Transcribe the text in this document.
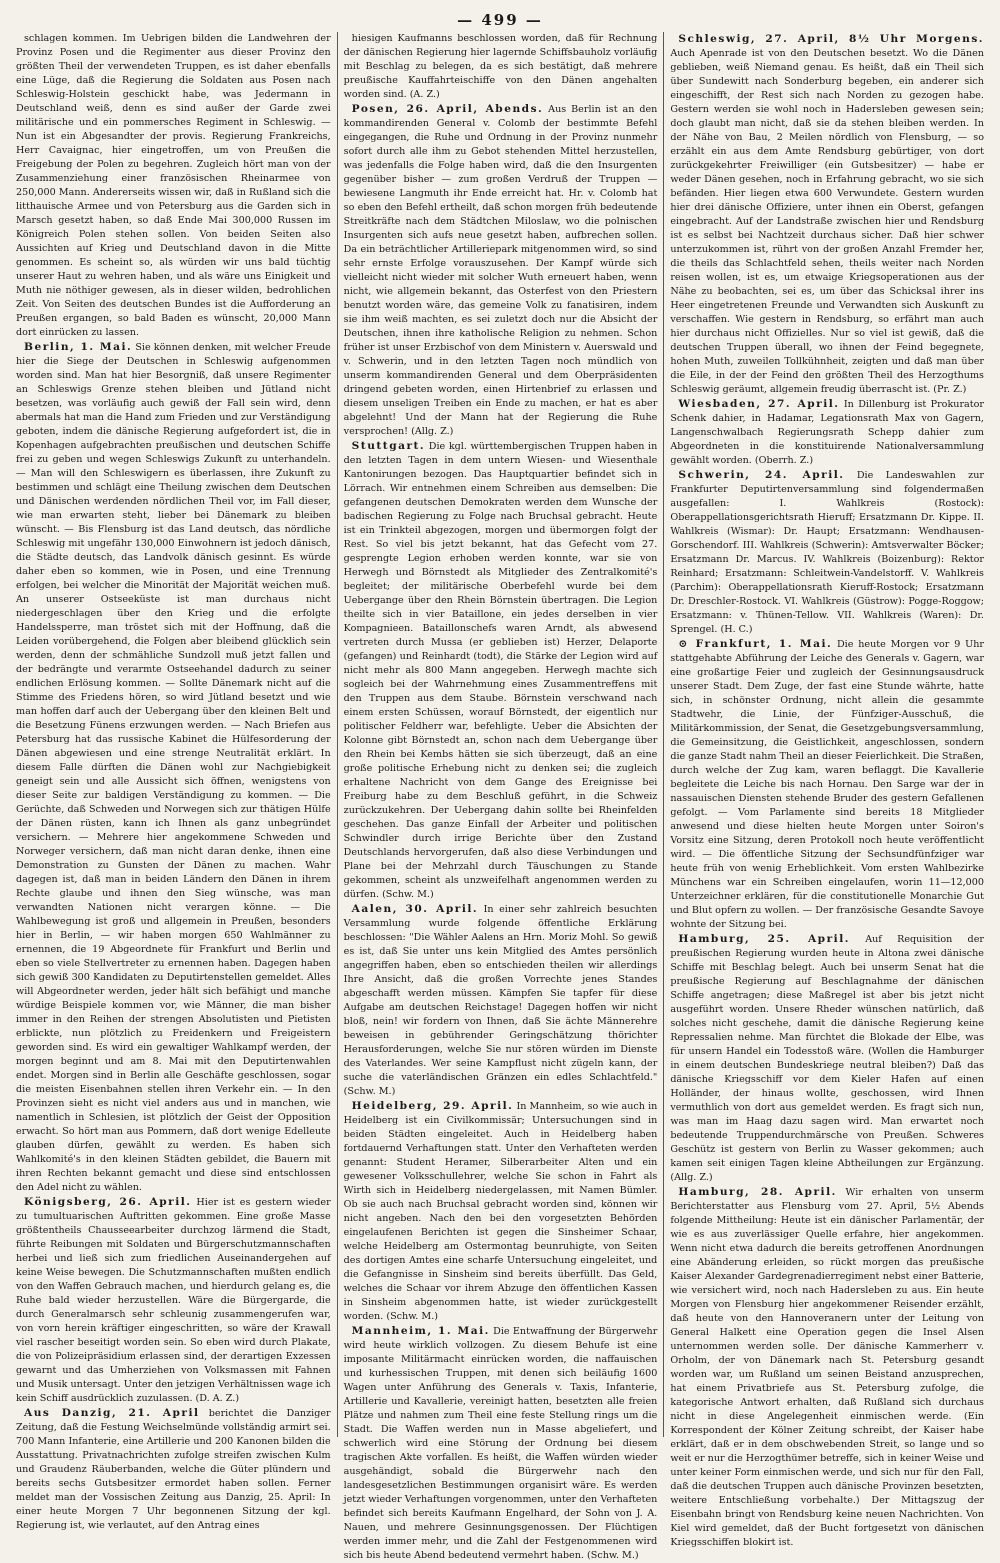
— 499 —

schlagen kommen. Im Uebrigen bilden die Landwehren der Provinz Posen und die Regimenter aus dieser Provinz den größten Theil der verwendeten Truppen, es ist daher ebenfalls eine Lüge, daß die Regierung die Soldaten aus Posen nach Schleswig-Holstein geschickt habe, was Jedermann in Deutschland weiß, denn es sind außer der Garde zwei militärische und ein pommersches Regiment in Schleswig. — Nun ist ein Abgesandter der provis. Regierung Frankreichs, Herr Cavaignac, hier eingetroffen, um von Preußen die Freigebung der Polen zu begehren. Zugleich hört man von der Zusammenziehung einer französischen Rheinarmee von 250,000 Mann. Andererseits wissen wir, daß in Rußland sich die litthauische Armee und von Petersburg aus die Garden sich in Marsch gesetzt haben, so daß Ende Mai 300,000 Russen im Königreich Polen stehen sollen. Von beiden Seiten also Aussichten auf Krieg und Deutschland davon in die Mitte genommen. Es scheint so, als würden wir uns bald tüchtig unserer Haut zu wehren haben, und als wäre uns Einigkeit und Muth nie nöthiger gewesen, als in dieser wilden, bedrohlichen Zeit. Von Seiten des deutschen Bundes ist die Aufforderung an Preußen ergangen, so bald Baden es wünscht, 20,000 Mann dort einrücken zu lassen.

Berlin, 1. Mai. Sie können denken, mit welcher Freude hier die Siege der Deutschen in Schleswig aufgenommen worden sind. Man hat hier Besorgniß, daß unsere Regimenter an Schleswigs Grenze stehen bleiben und Jütland nicht besetzen, was vorläufig auch gewiß der Fall sein wird, denn abermals hat man die Hand zum Frieden und zur Verständigung geboten, indem die dänische Regierung aufgefordert ist, die in Kopenhagen aufgebrachten preußischen und deutschen Schiffe frei zu geben und wegen Schleswigs Zukunft zu unterhandeln. — Man will den Schleswigern es überlassen, ihre Zukunft zu bestimmen und schlägt eine Theilung zwischen dem Deutschen und Dänischen werdenden nördlichen Theil vor, im Fall dieser, wie man erwarten steht, lieber bei Dänemark zu bleiben wünscht. — Bis Flensburg ist das Land deutsch, das nördliche Schleswig mit ungefähr 130,000 Einwohnern ist jedoch dänisch, die Städte deutsch, das Landvolk dänisch gesinnt. Es würde daher eben so kommen, wie in Posen, und eine Trennung erfolgen, bei welcher die Minorität der Majorität weichen muß. An unserer Ostseeküste ist man durchaus nicht niedergeschlagen über den Krieg und die erfolgte Handelssperre, man tröstet sich mit der Hoffnung, daß die Leiden vorübergehend, die Folgen aber bleibend glücklich sein werden, denn der schmähliche Sundzoll muß jetzt fallen und der bedrängte und verarmte Ostseehandel dadurch zu seiner endlichen Erlösung kommen. — Sollte Dänemark nicht auf die Stimme des Friedens hören, so wird Jütland besetzt und wie man hoffen darf auch der Uebergang über den kleinen Belt und die Besetzung Fünens erzwungen werden. — Nach Briefen aus Petersburg hat das russische Kabinet die Hülfesorderung der Dänen abgewiesen und eine strenge Neutralität erklärt. In diesem Falle dürften die Dänen wohl zur Nachgiebigkeit geneigt sein und alle Aussicht sich öffnen, wenigstens von dieser Seite zur baldigen Verständigung zu kommen. — Die Gerüchte, daß Schweden und Norwegen sich zur thätigen Hülfe der Dänen rüsten, kann ich Ihnen als ganz unbegründet versichern. — Mehrere hier angekommene Schweden und Norweger versichern, daß man nicht daran denke, ihnen eine Demonstration zu Gunsten der Dänen zu machen. Wahr dagegen ist, daß man in beiden Ländern den Dänen in ihrem Rechte glaube und ihnen den Sieg wünsche, was man verwandten Nationen nicht verargen könne. — Die Wahlbewegung ist groß und allgemein in Preußen, besonders hier in Berlin, — wir haben morgen 650 Wahlmänner zu ernennen, die 19 Abgeordnete für Frankfurt und Berlin und eben so viele Stellvertreter zu ernennen haben. Dagegen haben sich gewiß 300 Kandidaten zu Deputirtenstellen gemeldet. Alles will Abgeordneter werden, jeder hält sich befähigt und manche würdige Beispiele kommen vor, wie Männer, die man bisher immer in den Reihen der strengen Absolutisten und Pietisten erblickte, nun plötzlich zu Freidenkern und Freigeistern geworden sind. Es wird ein gewaltiger Wahlkampf werden, der morgen beginnt und am 8. Mai mit den Deputirtenwahlen endet. Morgen sind in Berlin alle Geschäfte geschlossen, sogar die meisten Eisenbahnen stellen ihren Verkehr ein. — In den Provinzen sieht es nicht viel anders aus und in manchen, wie namentlich in Schlesien, ist plötzlich der Geist der Opposition erwacht. So hört man aus Pommern, daß dort wenige Edelleute glauben dürfen, gewählt zu werden. Es haben sich Wahlkomité's in den kleinen Städten gebildet, die Bauern mit ihren Rechten bekannt gemacht und diese sind entschlossen den Adel nicht zu wählen.

Königsberg, 26. April. Hier ist es gestern wieder zu tumultuarischen Auftritten gekommen. Eine große Masse größtentheils Chausseearbeiter durchzog lärmend die Stadt, führte Reibungen mit Soldaten und Bürgerschutzmannschaften herbei und ließ sich zum friedlichen Auseinandergehen auf keine Weise bewegen. Die Schutzmannschaften mußten endlich von den Waffen Gebrauch machen, und hierdurch gelang es, die Ruhe bald wieder herzustellen. Wäre die Bürgergarde, die durch Generalmarsch sehr schleunig zusammengerufen war, von vorn herein kräftiger eingeschritten, so wäre der Krawall viel rascher beseitigt worden sein. So eben wird durch Plakate, die von Polizeipräsidium erlassen sind, der derartigen Exzessen gewarnt und das Umherziehen von Volksmassen mit Fahnen und Musik untersagt. Unter den jetzigen Verhältnissen wage ich kein Schiff ausdrücklich zuzulassen. (D. A. Z.)

Aus Danzig, 21. April berichtet die Danziger Zeitung, daß die Festung Weichselmünde vollständig armirt sei. 700 Mann Infanterie, eine Artillerie und 200 Kanonen bilden die Ausstattung. Privatnachrichten zufolge streifen zwischen Kulm und Graudenz Räuberbanden, welche die Güter plündern und bereits sechs Gutsbesitzer ermordet haben sollen. Ferner meldet man der Vossischen Zeitung aus Danzig, 25. April: In einer heute Morgen 7 Uhr begonnenen Sitzung der kgl. Regierung ist, wie verlautet, auf den Antrag eines

hiesigen Kaufmanns beschlossen worden, daß für Rechnung der dänischen Regierung hier lagernde Schiffsbauholz vorläufig mit Beschlag zu belegen, da es sich bestätigt, daß mehrere preußische Kauffahrteischiffe von den Dänen angehalten worden sind. (A. Z.)

Posen, 26. April, Abends. Aus Berlin ist an den kommandirenden General v. Colomb der bestimmte Befehl eingegangen, die Ruhe und Ordnung in der Provinz nunmehr sofort durch alle ihm zu Gebot stehenden Mittel herzustellen, was jedenfalls die Folge haben wird, daß die den Insurgenten gegenüber bisher — zum großen Verdruß der Truppen — bewiesene Langmuth ihr Ende erreicht hat. Hr. v. Colomb hat so eben den Befehl ertheilt, daß schon morgen früh bedeutende Streitkräfte nach dem Städtchen Miloslaw, wo die polnischen Insurgenten sich aufs neue gesetzt haben, aufbrechen sollen. Da ein beträchtlicher Artilleriepark mitgenommen wird, so sind sehr ernste Erfolge vorauszusehen. Der Kampf würde sich vielleicht nicht wieder mit solcher Wuth erneuert haben, wenn nicht, wie allgemein bekannt, das Osterfest von den Priestern benutzt worden wäre, das gemeine Volk zu fanatisiren, indem sie ihm weiß machten, es sei zuletzt doch nur die Absicht der Deutschen, ihnen ihre katholische Religion zu nehmen. Schon früher ist unser Erzbischof von dem Ministern v. Auerswald und v. Schwerin, und in den letzten Tagen noch mündlich von unserm kommandirenden General und dem Oberpräsidenten dringend gebeten worden, einen Hirtenbrief zu erlassen und diesem unseligen Treiben ein Ende zu machen, er hat es aber abgelehnt! Und der Mann hat der Regierung die Ruhe versprochen! (Allg. Z.)

Stuttgart. Die kgl. württembergischen Truppen haben in den letzten Tagen in dem untern Wiesen- und Wiesenthale Kantonirungen bezogen. Das Hauptquartier befindet sich in Lörrach. Wir entnehmen einem Schreiben aus demselben: Die gefangenen deutschen Demokraten werden dem Wunsche der badischen Regierung zu Folge nach Bruchsal gebracht. Heute ist ein Trinkteil abgezogen, morgen und übermorgen folgt der Rest. So viel bis jetzt bekannt, hat das Gefecht vom 27. gesprengte Legion erhoben werden konnte, war sie von Herwegh und Börnstedt als Mitglieder des Zentralkomité's begleitet; der militärische Oberbefehl wurde bei dem Uebergange über den Rhein Börnstein übertragen. Die Legion theilte sich in vier Bataillone, ein jedes derselben in vier Kompagnieen. Bataillonschefs waren Arndt, als abwesend vertreten durch Mussa (er geblieben ist) Herzer, Delaporte (gefangen) und Reinhardt (todt), die Stärke der Legion wird auf nicht mehr als 800 Mann angegeben. Herwegh machte sich sogleich bei der Wahrnehmung eines Zusammentreffens mit den Truppen aus dem Staube. Börnstein verschwand nach einem ersten Schüssen, worauf Börnstedt, der eigentlich nur politischer Feldherr war, befehligte. Ueber die Absichten der Kolonne gibt Börnstedt an, schon nach dem Uebergange über den Rhein bei Kembs hätten sie sich überzeugt, daß an eine große politische Erhebung nicht zu denken sei; die zugleich erhaltene Nachricht von dem Gange des Ereignisse bei Freiburg habe zu dem Beschluß geführt, in die Schweiz zurückzukehren. Der Uebergang dahin sollte bei Rheinfelden geschehen. Das ganze Einfall der Arbeiter und politischen Schwindler durch irrige Berichte über den Zustand Deutschlands hervorgerufen, daß also diese Verbindungen und Plane bei der Mehrzahl durch Täuschungen zu Stande gekommen, scheint als unzweifelhaft angenommen werden zu dürfen. (Schw. M.)

Aalen, 30. April. In einer sehr zahlreich besuchten Versammlung wurde folgende öffentliche Erklärung beschlossen: "Die Wähler Aalens an Hrn. Moriz Mohl. So gewiß es ist, daß Sie unter uns kein Mitglied des Amtes persönlich angegriffen haben, eben so entschieden theilen wir allerdings Ihre Ansicht, daß die großen Vorrechte jenes Standes abgeschafft werden müssen. Kämpfen Sie tapfer für diese Aufgabe am deutschen Reichstage! Dagegen hoffen wir nicht bloß, nein! wir fordern von Ihnen, daß Sie ächte Männerehre beweisen in gebührender Geringschätzung thörichter Herausforderungen, welche Sie nur stören würden im Dienste des Vaterlandes. Wer seine Kampflust nicht zügeln kann, der suche die vaterländischen Gränzen ein edles Schlachtfeld." (Schw. M.)

Heidelberg, 29. April. In Mannheim, so wie auch in Heidelberg ist ein Civilkommissär; Untersuchungen sind in beiden Städten eingeleitet. Auch in Heidelberg haben fortdauernd Verhaftungen statt. Unter den Verhafteten werden genannt: Student Heramer, Silberarbeiter Alten und ein gewesener Volksschullehrer, welche Sie schon in Fahrt als Wirth sich in Heidelberg niedergelassen, mit Namen Bümler. Ob sie auch nach Bruchsal gebracht worden sind, können wir nicht angeben. Nach den bei den vorgesetzten Behörden eingelaufenen Berichten ist gegen die Sinsheimer Schaar, welche Heidelberg am Ostermontag beunruhigte, von Seiten des dortigen Amtes eine scharfe Untersuchung eingeleitet, und die Gefangnisse in Sinsheim sind bereits überfüllt. Das Geld, welches die Schaar vor ihrem Abzuge den öffentlichen Kassen in Sinsheim abgenommen hatte, ist wieder zurückgestellt worden. (Schw. M.)

Mannheim, 1. Mai. Die Entwaffnung der Bürgerwehr wird heute wirklich vollzogen. Zu diesem Behufe ist eine imposante Militärmacht einrücken worden, die naffauischen und kurhessischen Truppen, mit denen sich beiläufig 1600 Wagen unter Anführung des Generals v. Taxis, Infanterie, Artillerie und Kavallerie, vereinigt hatten, besetzten alle freien Plätze und nahmen zum Theil eine feste Stellung rings um die Stadt. Die Waffen werden nun in Masse abgeliefert, und schwerlich wird eine Störung der Ordnung bei diesem tragischen Akte vorfallen. Es heißt, die Waffen würden wieder ausgehändigt, sobald die Bürgerwehr nach den landesgesetzlichen Bestimmungen organisirt wäre. Es werden jetzt wieder Verhaftungen vorgenommen, unter den Verhafteten befindet sich bereits Kaufmann Engelhard, der Sohn von J. A. Nauen, und mehrere Gesinnungsgenossen. Der Flüchtigen werden immer mehr, und die Zahl der Festgenommenen wird sich bis heute Abend bedeutend vermehrt haben. (Schw. M.)

Schleswig, 27. April, 8½ Uhr Morgens. Auch Apenrade ist von den Deutschen besetzt. Wo die Dänen geblieben, weiß Niemand genau. Es heißt, daß ein Theil sich über Sundewitt nach Sonderburg begeben, ein anderer sich eingeschifft, der Rest sich nach Norden zu gezogen habe. Gestern werden sie wohl noch in Hadersleben gewesen sein; doch glaubt man nicht, daß sie da stehen bleiben werden. In der Nähe von Bau, 2 Meilen nördlich von Flensburg, — so erzählt ein aus dem Amte Rendsburg gebürtiger, von dort zurückgekehrter Freiwilliger (ein Gutsbesitzer) — habe er weder Dänen gesehen, noch in Erfahrung gebracht, wo sie sich befänden. Hier liegen etwa 600 Verwundete. Gestern wurden hier drei dänische Offiziere, unter ihnen ein Oberst, gefangen eingebracht. Auf der Landstraße zwischen hier und Rendsburg ist es selbst bei Nachtzeit durchaus sicher. Daß hier schwer unterzukommen ist, rührt von der großen Anzahl Fremder her, die theils das Schlachtfeld sehen, theils weiter nach Norden reisen wollen, ist es, um etwaige Kriegsoperationen aus der Nähe zu beobachten, sei es, um über das Schicksal ihrer ins Heer eingetretenen Freunde und Verwandten sich Auskunft zu verschaffen. Wie gestern in Rendsburg, so erfährt man auch hier durchaus nicht Offizielles. Nur so viel ist gewiß, daß die deutschen Truppen überall, wo ihnen der Feind begegnete, hohen Muth, zuweilen Tollkühnheit, zeigten und daß man über die Eile, in der der Feind den größten Theil des Herzogthums Schleswig geräumt, allgemein freudig überrascht ist. (Pr. Z.)

Wiesbaden, 27. April. In Dillenburg ist Prokurator Schenk dahier, in Hadamar, Legationsrath Max von Gagern, Langenschwalbach Regierungsrath Schepp dahier zum Abgeordneten in die konstituirende Nationalversammlung gewählt worden. (Oberrh. Z.)

Schwerin, 24. April. Die Landeswahlen zur Frankfurter Deputirtenversammlung sind folgendermaßen ausgefallen: I. Wahlkreis (Rostock): Oberappellationsgerichtsrath Hieruff; Ersatzmann Dr. Kippe. II. Wahlkreis (Wismar): Dr. Haupt; Ersatzmann: Wendhausen-Gorschendorf. III. Wahlkreis (Schwerin): Amtsverwalter Böcker; Ersatzmann Dr. Marcus. IV. Wahlkreis (Boizenburg): Rektor Reinhard; Ersatzmann: Schleitwein-Vandelstorff. V. Wahlkreis (Parchim): Oberappellationsrath Kieruff-Rostock; Ersatzmann Dr. Dreschler-Rostock. VI. Wahlkreis (Güstrow): Pogge-Roggow; Ersatzmann: v. Thünen-Tellow. VII. Wahlkreis (Waren): Dr. Sprengel. (H. C.)

⊙ Frankfurt, 1. Mai. Die heute Morgen vor 9 Uhr stattgehabte Abführung der Leiche des Generals v. Gagern, war eine großartige Feier und zugleich der Gesinnungsausdruck unserer Stadt. Dem Zuge, der fast eine Stunde währte, hatte sich, in schönster Ordnung, nicht allein die gesammte Stadtwehr, die Linie, der Fünfziger-Ausschuß, die Militärkommission, der Senat, die Gesetzgebungsversammlung, die Gemeinsitzung, die Geistlichkeit, angeschlossen, sondern die ganze Stadt nahm Theil an dieser Feierlichkeit. Die Straßen, durch welche der Zug kam, waren beflaggt. Die Kavallerie begleitete die Leiche bis nach Hornau. Den Sarge war der in nassauischen Diensten stehende Bruder des gestern Gefallenen gefolgt. — Vom Parlamente sind bereits 18 Mitglieder anwesend und diese hielten heute Morgen unter Soiron's Vorsitz eine Sitzung, deren Protokoll noch heute veröffentlicht wird. — Die öffentliche Sitzung der Sechsundfünfziger war heute früh von wenig Erheblichkeit. Vom ersten Wahlbezirke Münchens war ein Schreiben eingelaufen, worin 11—12,000 Unterzeichner erklären, für die constitutionelle Monarchie Gut und Blut opfern zu wollen. — Der französische Gesandte Savoye wohnte der Sitzung bei.

Hamburg, 25. April. Auf Requisition der preußischen Regierung wurden heute in Altona zwei dänische Schiffe mit Beschlag belegt. Auch bei unserm Senat hat die preußische Regierung auf Beschlagnahme der dänischen Schiffe angetragen; diese Maßregel ist aber bis jetzt nicht ausgeführt worden. Unsere Rheder wünschen natürlich, daß solches nicht geschehe, damit die dänische Regierung keine Repressalien nehme. Man fürchtet die Blokade der Elbe, was für unsern Handel ein Todesstoß wäre. (Wollen die Hamburger in einem deutschen Bundeskriege neutral bleiben?) Daß das dänische Kriegsschiff vor dem Kieler Hafen auf einen Holländer, der hinaus wollte, geschossen, wird Ihnen vermuthlich von dort aus gemeldet werden. Es fragt sich nun, was man im Haag dazu sagen wird. Man erwartet noch bedeutende Truppendurchmärsche von Preußen. Schweres Geschütz ist gestern von Berlin zu Wasser gekommen; auch kamen seit einigen Tagen kleine Abtheilungen zur Ergänzung. (Allg. Z.)

Hamburg, 28. April. Wir erhalten von unserm Berichterstatter aus Flensburg vom 27. April, 5½ Abends folgende Mittheilung: Heute ist ein dänischer Parlamentär, der wie es aus zuverlässiger Quelle erfahre, hier angekommen. Wenn nicht etwa dadurch die bereits getroffenen Anordnungen eine Abänderung erleiden, so rückt morgen das preußische Kaiser Alexander Gardegrenadierregiment nebst einer Batterie, wie versichert wird, noch nach Hadersleben zu aus. Ein heute Morgen von Flensburg hier angekommener Reisender erzählt, daß heute von den Hannoveranern unter der Leitung von General Halkett eine Operation gegen die Insel Alsen unternommen werden solle. Der dänische Kammerherr v. Orholm, der von Dänemark nach St. Petersburg gesandt worden war, um Rußland um seinen Beistand anzusprechen, hat einem Privatbriefe aus St. Petersburg zufolge, die kategorische Antwort erhalten, daß Rußland sich durchaus nicht in diese Angelegenheit einmischen werde. (Ein Korrespondent der Kölner Zeitung schreibt, der Kaiser habe erklärt, daß er in dem obschwebenden Streit, so lange und so weit er nur die Herzogthümer betreffe, sich in keiner Weise und unter keiner Form einmischen werde, und sich nur für den Fall, daß die deutschen Truppen auch dänische Provinzen besetzten, weitere Entschließung vorbehalte.) Der Mittagszug der Eisenbahn bringt von Rendsburg keine neuen Nachrichten. Von Kiel wird gemeldet, daß der Bucht fortgesetzt von dänischen Kriegsschiffen blokirt ist.
